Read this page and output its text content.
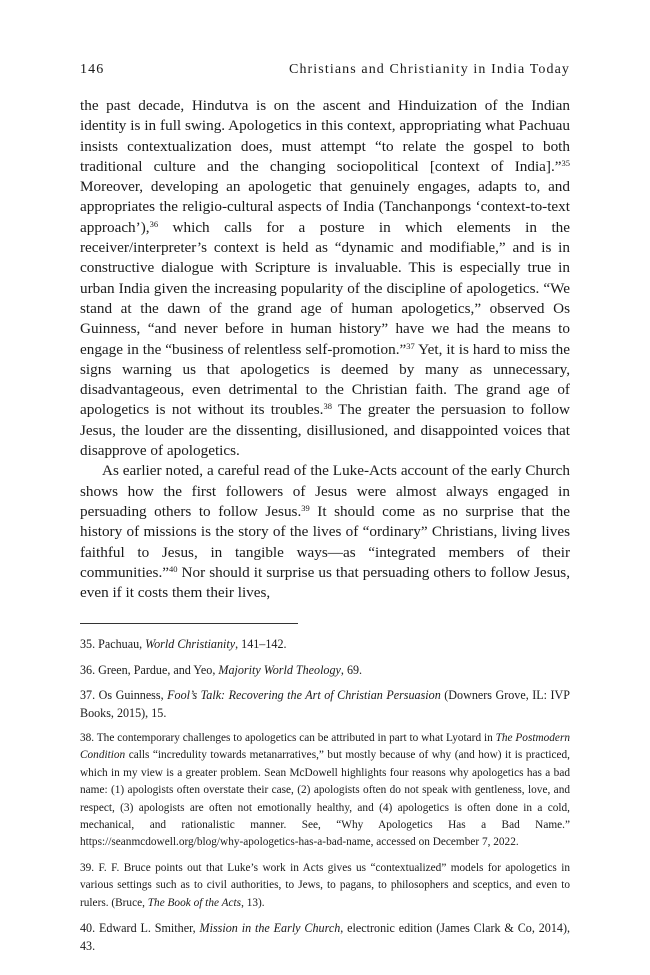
146	Christians and Christianity in India Today

the past decade, Hindutva is on the ascent and Hinduization of the Indian identity is in full swing. Apologetics in this context, appropriating what Pachuau insists contextualization does, must attempt “to relate the gospel to both traditional culture and the changing sociopolitical [context of India].”$^{35}$ Moreover, developing an apologetic that genuinely engages, adapts to, and appropriates the religio-cultural aspects of India (Tanchanpongs ‘context-to-text approach’),$^{36}$ which calls for a posture in which elements in the receiver/interpreter’s context is held as “dynamic and modifiable,” and is in constructive dialogue with Scripture is invaluable. This is especially true in urban India given the increasing popularity of the discipline of apologetics. “We stand at the dawn of the grand age of human apologetics,” observed Os Guinness, “and never before in human history” have we had the means to engage in the “business of relentless self-promotion.”$^{37}$ Yet, it is hard to miss the signs warning us that apologetics is deemed by many as unnecessary, disadvantageous, even detrimental to the Christian faith. The grand age of apologetics is not without its troubles.$^{38}$ The greater the persuasion to follow Jesus, the louder are the dissenting, disillusioned, and disappointed voices that disapprove of apologetics.

As earlier noted, a careful read of the Luke-Acts account of the early Church shows how the first followers of Jesus were almost always engaged in persuading others to follow Jesus.$^{39}$ It should come as no surprise that the history of missions is the story of the lives of “ordinary” Christians, living lives faithful to Jesus, in tangible ways—as “integrated members of their communities.”$^{40}$ Nor should it surprise us that persuading others to follow Jesus, even if it costs them their lives,

35. Pachuau, World Christianity, 141–142.

36. Green, Pardue, and Yeo, Majority World Theology, 69.

37. Os Guinness, Fool’s Talk: Recovering the Art of Christian Persuasion (Downers Grove, IL: IVP Books, 2015), 15.

38. The contemporary challenges to apologetics can be attributed in part to what Lyotard in The Postmodern Condition calls “incredulity towards metanarratives,” but mostly because of why (and how) it is practiced, which in my view is a greater problem. Sean McDowell highlights four reasons why apologetics has a bad name: (1) apologists often overstate their case, (2) apologists often do not speak with gentleness, love, and respect, (3) apologists are often not emotionally healthy, and (4) apologetics is often done in a cold, mechanical, and rationalistic manner. See, “Why Apologetics Has a Bad Name.” https://seanmcdowell.org/blog/why-apologetics-has-a-bad-name, accessed on December 7, 2022.

39. F. F. Bruce points out that Luke’s work in Acts gives us “contextualized” models for apologetics in various settings such as to civil authorities, to Jews, to pagans, to philosophers and sceptics, and even to rulers. (Bruce, The Book of the Acts, 13).

40. Edward L. Smither, Mission in the Early Church, electronic edition (James Clark & Co, 2014), 43.
